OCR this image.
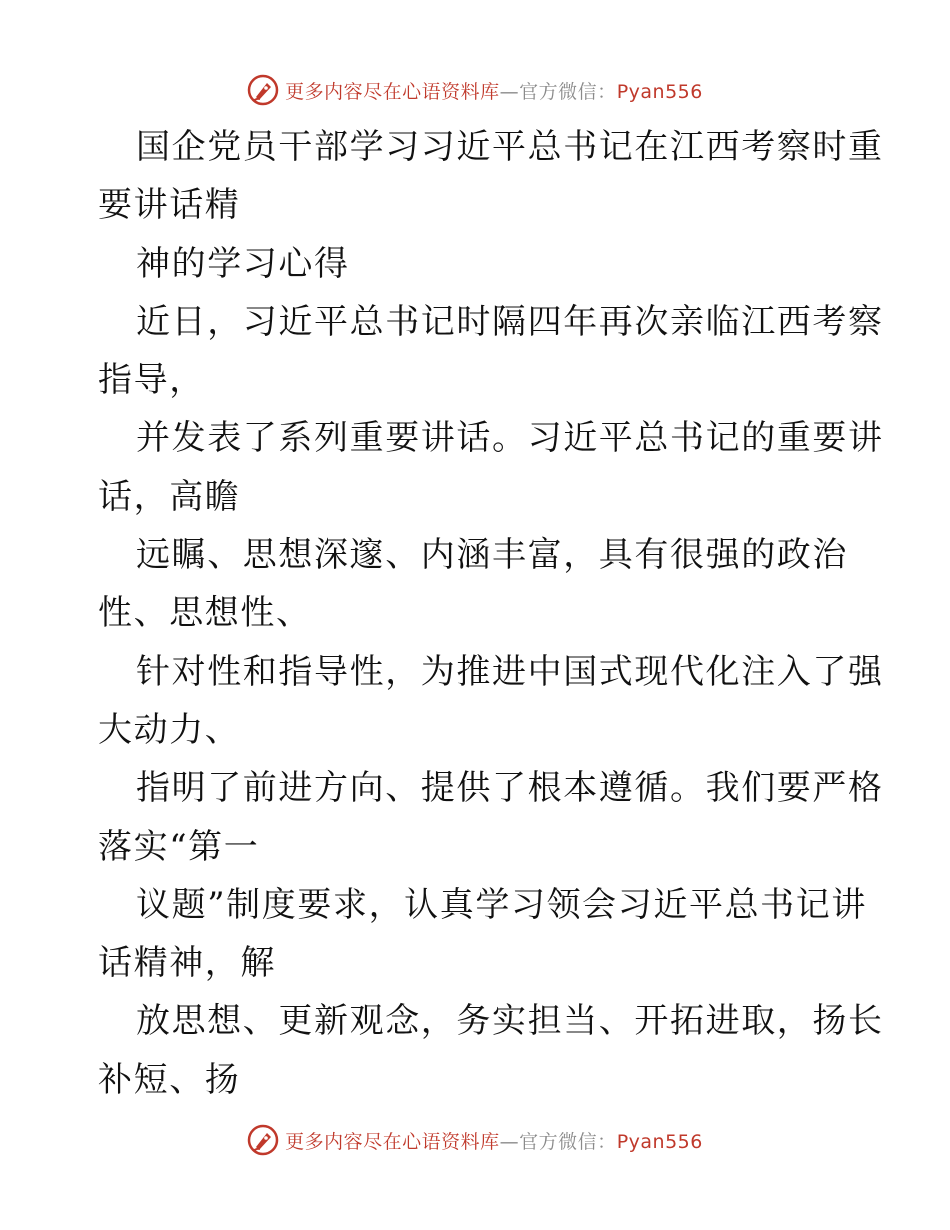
更多内容尽在心语资料库—官方微信：Pyan556
国企党员干部学习习近平总书记在江西考察时重
要讲话精
神的学习心得
近日，习近平总书记时隔四年再次亲临江西考察
指导，
并发表了系列重要讲话。习近平总书记的重要讲
话，高瞻
远瞩、思想深邃、内涵丰富，具有很强的政治
性、思想性、
针对性和指导性，为推进中国式现代化注入了强
大动力、
指明了前进方向、提供了根本遵循。我们要严格
落实“第一
议题”制度要求，认真学习领会习近平总书记讲
话精神，解
放思想、更新观念，务实担当、开拓进取，扬长
补短、扬
更多内容尽在心语资料库—官方微信：Pyan556
